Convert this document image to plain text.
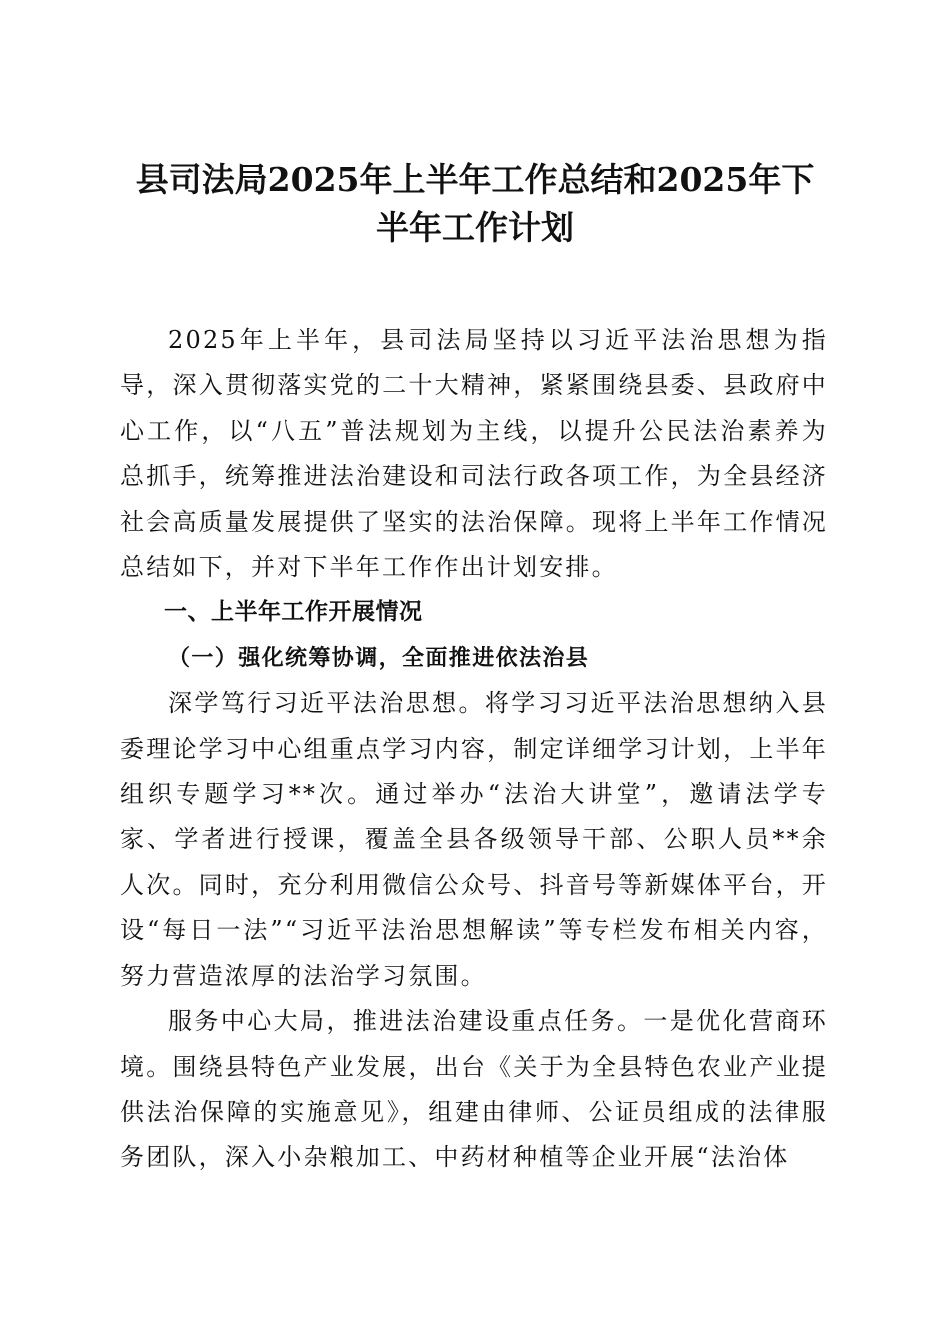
县司法局2025年上半年工作总结和2025年下
半年工作计划

2025年上半年，县司法局坚持以习近平法治思想为指导，深入贯彻落实党的二十大精神，紧紧围绕县委、县政府中心工作，以“八五”普法规划为主线，以提升公民法治素养为总抓手，统筹推进法治建设和司法行政各项工作，为全县经济社会高质量发展提供了坚实的法治保障。现将上半年工作情况总结如下，并对下半年工作作出计划安排。

一、上半年工作开展情况

（一）强化统筹协调，全面推进依法治县

深学笃行习近平法治思想。将学习习近平法治思想纳入县委理论学习中心组重点学习内容，制定详细学习计划，上半年组织专题学习**次。通过举办“法治大讲堂”，邀请法学专家、学者进行授课，覆盖全县各级领导干部、公职人员**余人次。同时，充分利用微信公众号、抖音号等新媒体平台，开设“每日一法”“习近平法治思想解读”等专栏发布相关内容，努力营造浓厚的法治学习氛围。

服务中心大局，推进法治建设重点任务。一是优化营商环境。围绕县特色产业发展，出台《关于为全县特色农业产业提供法治保障的实施意见》，组建由律师、公证员组成的法律服务团队，深入小杂粮加工、中药材种植等企业开展“法治体
